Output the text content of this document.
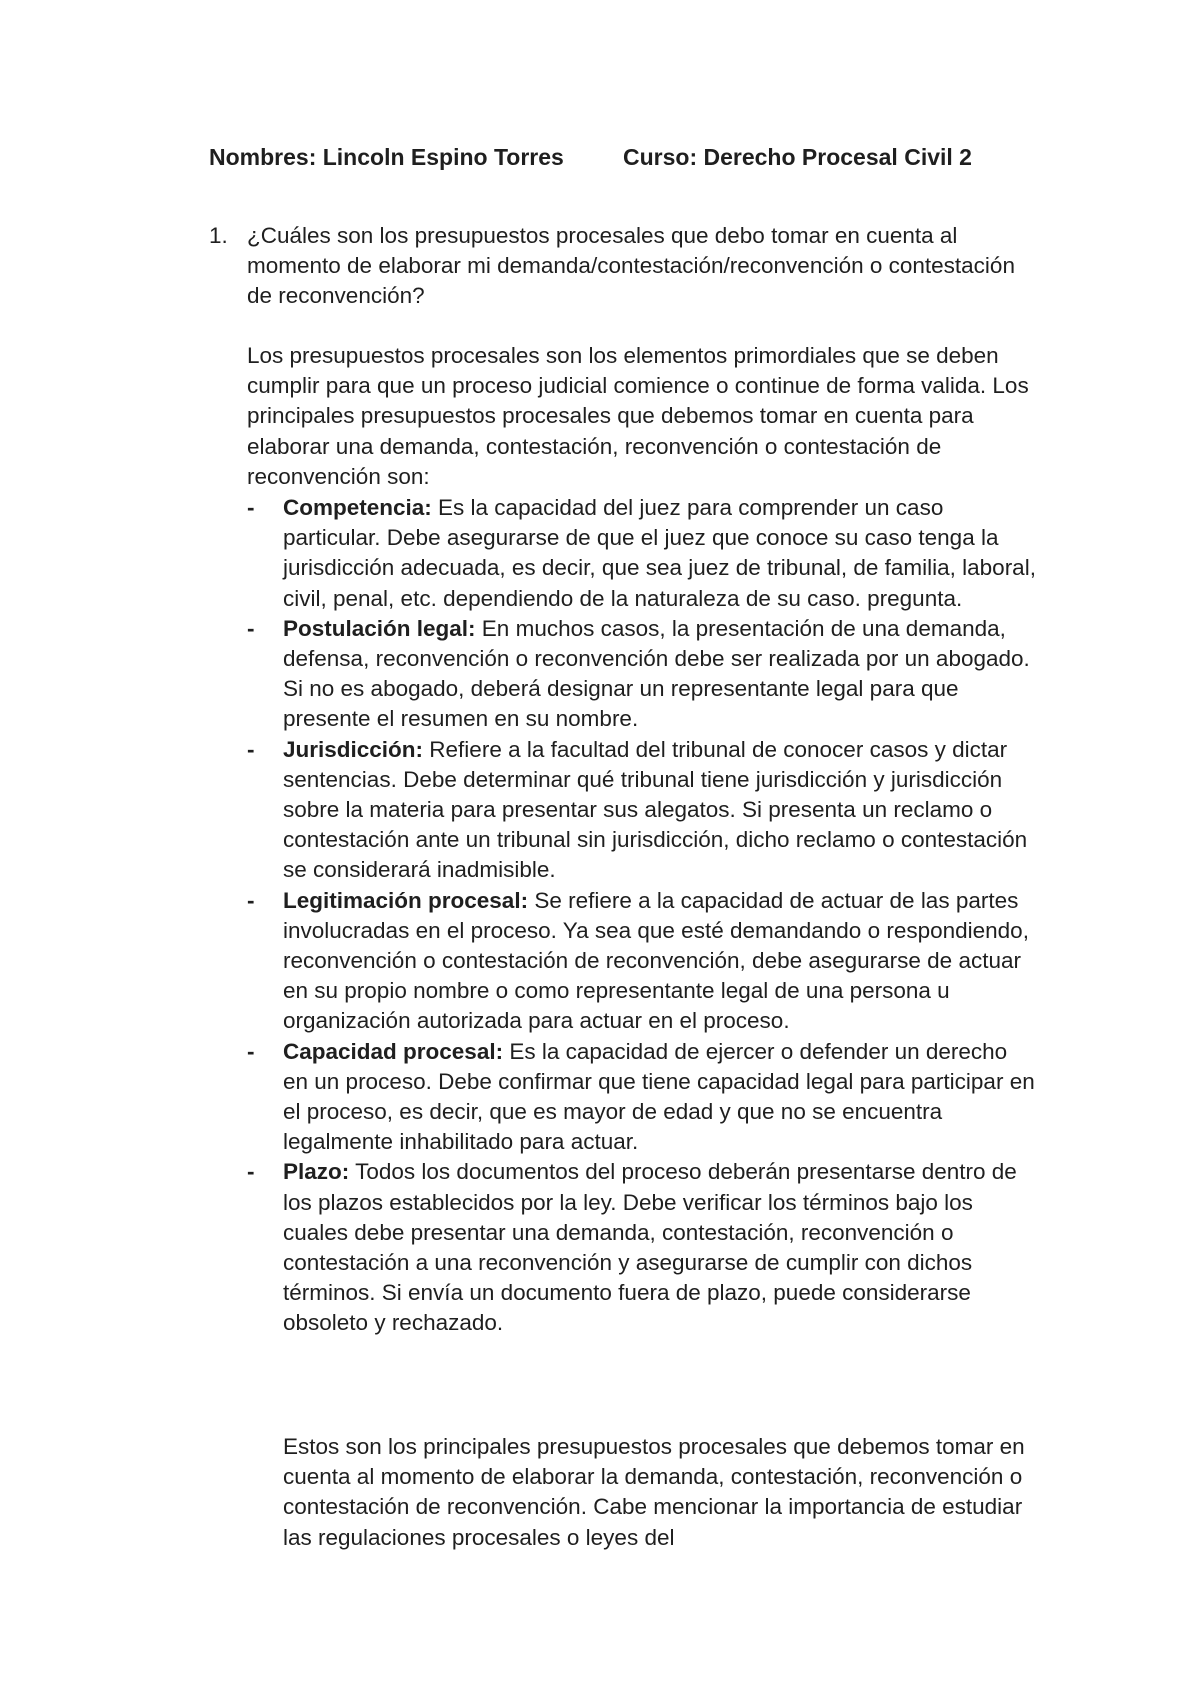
Nombres: Lincoln Espino Torres	Curso: Derecho Procesal Civil 2
1. ¿Cuáles son los presupuestos procesales que debo tomar en cuenta al momento de elaborar mi demanda/contestación/reconvención o contestación de reconvención?

Los presupuestos procesales son los elementos primordiales que se deben cumplir para que un proceso judicial comience o continue de forma valida. Los principales presupuestos procesales que debemos tomar en cuenta para elaborar una demanda, contestación, reconvención o contestación de reconvención son:

- Competencia: Es la capacidad del juez para comprender un caso particular. Debe asegurarse de que el juez que conoce su caso tenga la jurisdicción adecuada, es decir, que sea juez de tribunal, de familia, laboral, civil, penal, etc. dependiendo de la naturaleza de su caso. pregunta.
- Postulación legal: En muchos casos, la presentación de una demanda, defensa, reconvención o reconvención debe ser realizada por un abogado. Si no es abogado, deberá designar un representante legal para que presente el resumen en su nombre.
- Jurisdicción: Refiere a la facultad del tribunal de conocer casos y dictar sentencias. Debe determinar qué tribunal tiene jurisdicción y jurisdicción sobre la materia para presentar sus alegatos. Si presenta un reclamo o contestación ante un tribunal sin jurisdicción, dicho reclamo o contestación se considerará inadmisible.
- Legitimación procesal: Se refiere a la capacidad de actuar de las partes involucradas en el proceso. Ya sea que esté demandando o respondiendo, reconvención o contestación de reconvención, debe asegurarse de actuar en su propio nombre o como representante legal de una persona u organización autorizada para actuar en el proceso.
- Capacidad procesal: Es la capacidad de ejercer o defender un derecho en un proceso. Debe confirmar que tiene capacidad legal para participar en el proceso, es decir, que es mayor de edad y que no se encuentra legalmente inhabilitado para actuar.
- Plazo: Todos los documentos del proceso deberán presentarse dentro de los plazos establecidos por la ley. Debe verificar los términos bajo los cuales debe presentar una demanda, contestación, reconvención o contestación a una reconvención y asegurarse de cumplir con dichos términos. Si envía un documento fuera de plazo, puede considerarse obsoleto y rechazado.

Estos son los principales presupuestos procesales que debemos tomar en cuenta al momento de elaborar la demanda, contestación, reconvención o contestación de reconvención. Cabe mencionar la importancia de estudiar las regulaciones procesales o leyes del
